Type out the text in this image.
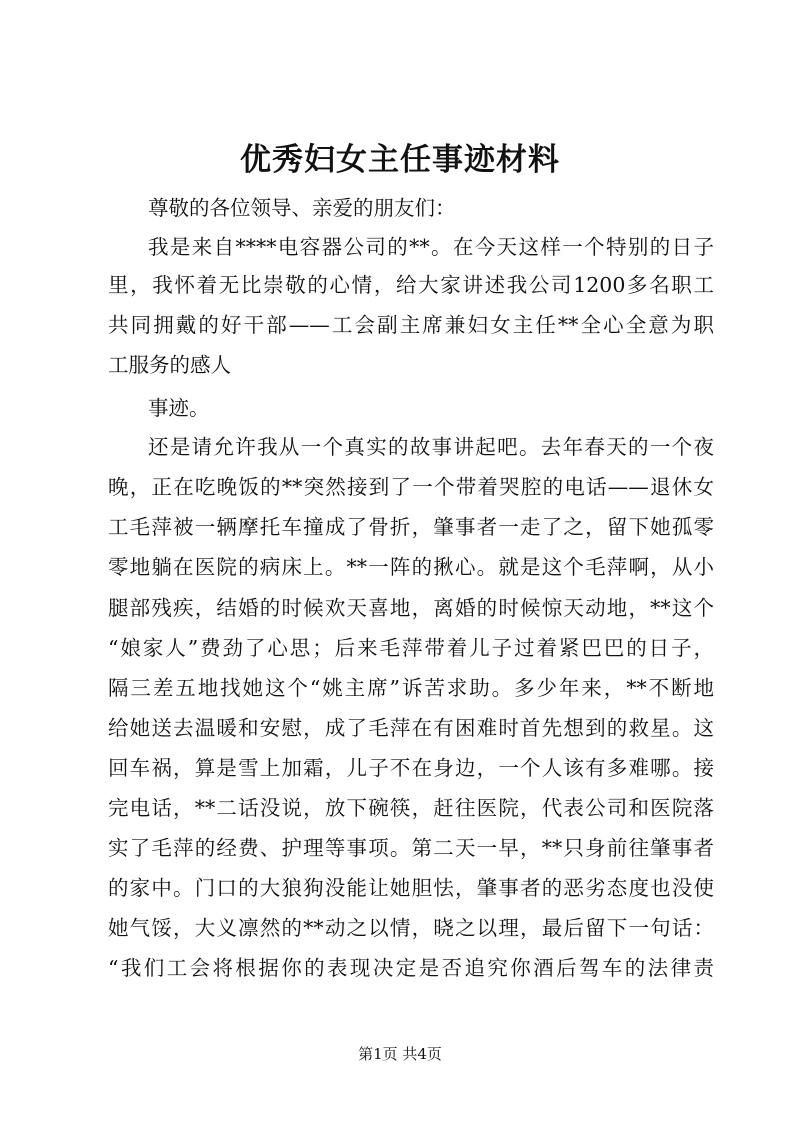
优秀妇女主任事迹材料
尊敬的各位领导、亲爱的朋友们：
我是来自****电容器公司的**。在今天这样一个特别的日子
里，我怀着无比崇敬的心情，给大家讲述我公司1200多名职工
共同拥戴的好干部——工会副主席兼妇女主任**全心全意为职
工服务的感人
事迹。
还是请允许我从一个真实的故事讲起吧。去年春天的一个夜
晚，正在吃晚饭的**突然接到了一个带着哭腔的电话——退休女
工毛萍被一辆摩托车撞成了骨折，肇事者一走了之，留下她孤零
零地躺在医院的病床上。**一阵的揪心。就是这个毛萍啊，从小
腿部残疾，结婚的时候欢天喜地，离婚的时候惊天动地，**这个
“娘家人”费劲了心思；后来毛萍带着儿子过着紧巴巴的日子，
隔三差五地找她这个“姚主席”诉苦求助。多少年来，**不断地
给她送去温暖和安慰，成了毛萍在有困难时首先想到的救星。这
回车祸，算是雪上加霜，儿子不在身边，一个人该有多难哪。接
完电话，**二话没说，放下碗筷，赶往医院，代表公司和医院落
实了毛萍的经费、护理等事项。第二天一早，**只身前往肇事者
的家中。门口的大狼狗没能让她胆怯，肇事者的恶劣态度也没使
她气馁，大义凛然的**动之以情，晓之以理，最后留下一句话：
“我们工会将根据你的表现决定是否追究你酒后驾车的法律责
第1页 共4页
